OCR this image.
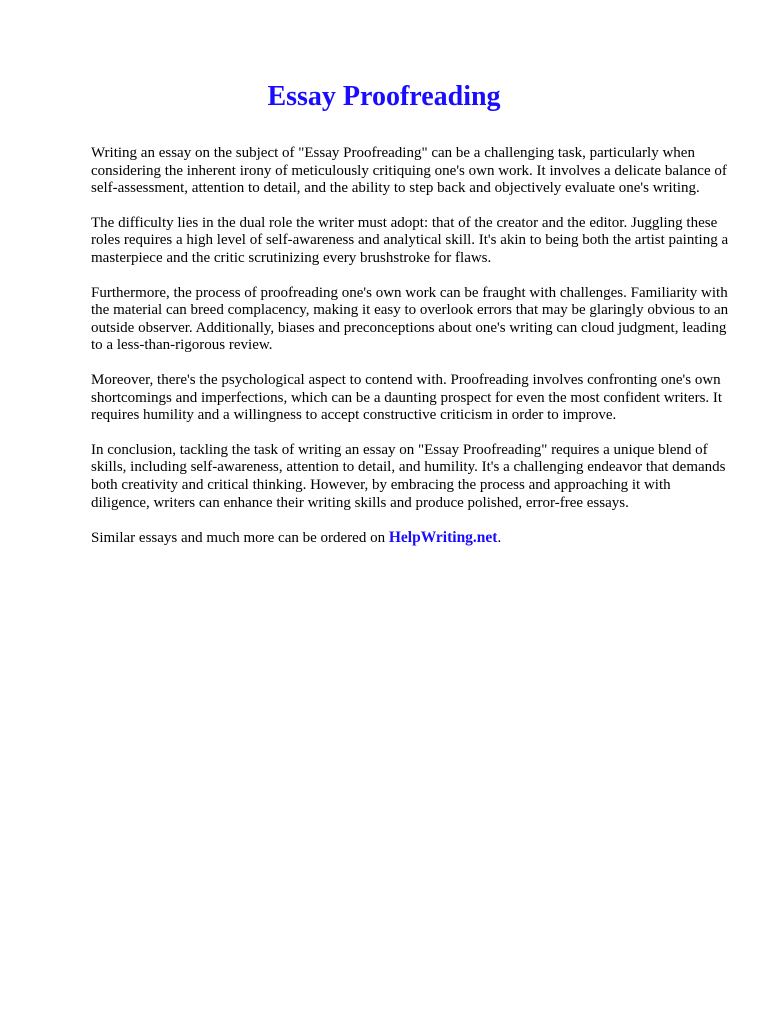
Essay Proofreading

Writing an essay on the subject of "Essay Proofreading" can be a challenging task, particularly when considering the inherent irony of meticulously critiquing one's own work. It involves a delicate balance of self-assessment, attention to detail, and the ability to step back and objectively evaluate one's writing.

The difficulty lies in the dual role the writer must adopt: that of the creator and the editor. Juggling these roles requires a high level of self-awareness and analytical skill. It's akin to being both the artist painting a masterpiece and the critic scrutinizing every brushstroke for flaws.

Furthermore, the process of proofreading one's own work can be fraught with challenges. Familiarity with the material can breed complacency, making it easy to overlook errors that may be glaringly obvious to an outside observer. Additionally, biases and preconceptions about one's writing can cloud judgment, leading to a less-than-rigorous review.

Moreover, there's the psychological aspect to contend with. Proofreading involves confronting one's own shortcomings and imperfections, which can be a daunting prospect for even the most confident writers. It requires humility and a willingness to accept constructive criticism in order to improve.

In conclusion, tackling the task of writing an essay on "Essay Proofreading" requires a unique blend of skills, including self-awareness, attention to detail, and humility. It's a challenging endeavor that demands both creativity and critical thinking. However, by embracing the process and approaching it with diligence, writers can enhance their writing skills and produce polished, error-free essays.

Similar essays and much more can be ordered on HelpWriting.net.
